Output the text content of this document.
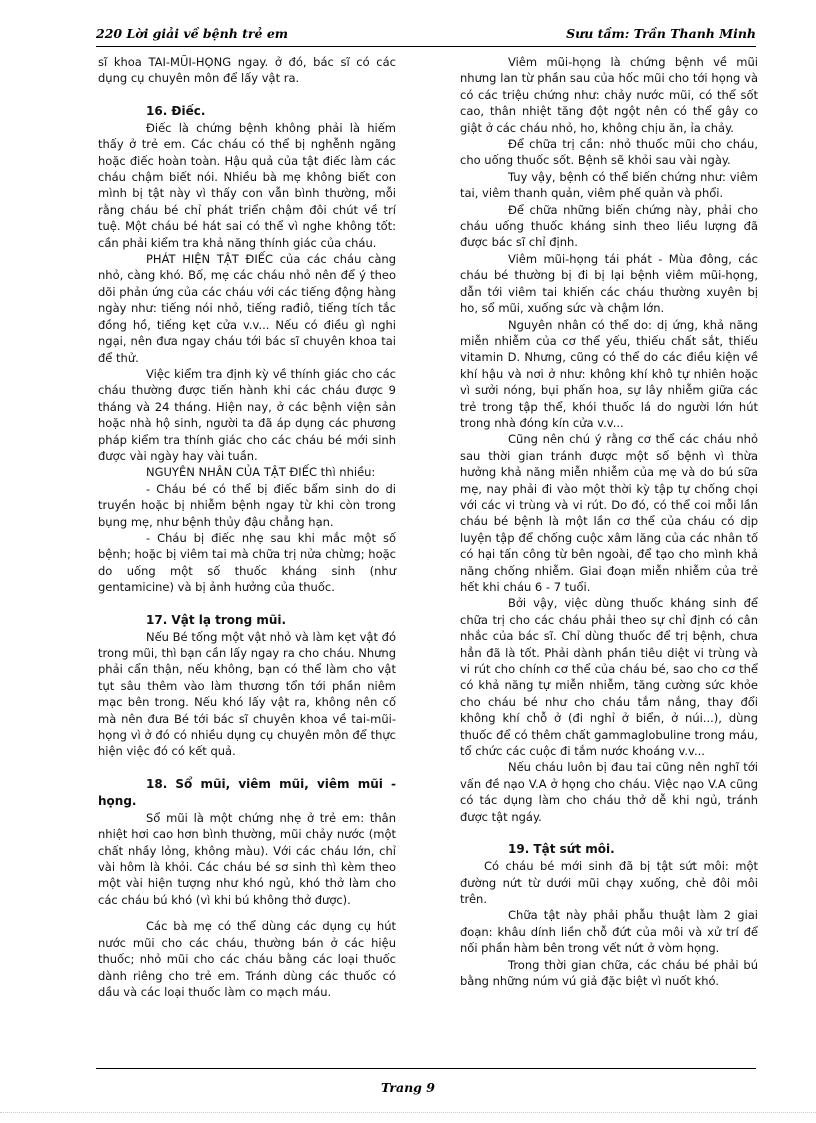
220 Lời giải về bệnh trẻ em	Sưu tầm: Trần Thanh Minh

sĩ khoa TAI-MŨI-HỌNG ngay. ở đó, bác sĩ có các dụng cụ chuyên môn để lấy vật ra.

16. Điếc.

Điếc là chứng bệnh không phải là hiếm thấy ở trẻ em. Các cháu có thể bị nghễnh ngãng hoặc điếc hoàn toàn. Hậu quả của tật điếc làm các cháu chậm biết nói. Nhiều bà mẹ không biết con mình bị tật này vì thấy con vẫn bình thường, mỗi rằng cháu bé chỉ phát triển chậm đôi chút về trí tuệ. Một cháu bé hát sai có thể vì nghe không tốt: cần phải kiểm tra khả năng thính giác của cháu.

PHÁT HIỆN TẬT ĐIẾC của các cháu càng nhỏ, càng khó. Bố, mẹ các cháu nhỏ nên để ý theo dõi phản ứng của các cháu với các tiếng động hàng ngày như: tiếng nói nhỏ, tiếng rađiô, tiếng tích tắc đồng hồ, tiếng kẹt cửa v.v... Nếu có điều gì nghi ngại, nên đưa ngay cháu tới bác sĩ chuyên khoa tai để thử.

Việc kiểm tra định kỳ về thính giác cho các cháu thường được tiến hành khi các cháu được 9 tháng và 24 tháng. Hiện nay, ở các bệnh viện sản hoặc nhà hộ sinh, người ta đã áp dụng các phương pháp kiểm tra thính giác cho các cháu bé mới sinh được vài ngày hay vài tuần.

NGUYÊN NHÂN CỦA TẬT ĐIẾC thì nhiều:

- Cháu bé có thể bị điếc bẩm sinh do di truyền hoặc bị nhiễm bệnh ngay từ khi còn trong bụng mẹ, như bệnh thủy đậu chẳng hạn.

- Cháu bị điếc nhẹ sau khi mắc một số bệnh; hoặc bị viêm tai mà chữa trị nửa chừng; hoặc do uống một số thuốc kháng sinh (như gentamicine) và bị ảnh hưởng của thuốc.

17. Vật lạ trong mũi.

Nếu Bé tống một vật nhỏ và làm kẹt vật đó trong mũi, thì bạn cần lấy ngay ra cho cháu. Nhưng phải cẩn thận, nếu không, bạn có thể làm cho vật tụt sâu thêm vào làm thương tổn tới phần niêm mạc bên trong. Nếu khó lấy vật ra, không nên cố mà nên đưa Bé tới bác sĩ chuyên khoa về tai-mũi-họng vì ở đó có nhiều dụng cụ chuyên môn để thực hiện việc đó có kết quả.

18. Sổ mũi, viêm mũi, viêm mũi - họng.

Sổ mũi là một chứng nhẹ ở trẻ em: thân nhiệt hơi cao hơn bình thường, mũi chảy nước (một chất nhầy lỏng, không màu). Với các cháu lớn, chỉ vài hôm là khỏi. Các cháu bé sơ sinh thì kèm theo một vài hiện tượng như khó ngủ, khó thở làm cho các cháu bú khó (vì khi bú không thở được).

Các bà mẹ có thể dùng các dụng cụ hút nước mũi cho các cháu, thường bán ở các hiệu thuốc; nhỏ mũi cho các cháu bằng các loại thuốc dành riêng cho trẻ em. Tránh dùng các thuốc có dầu và các loại thuốc làm co mạch máu.

Viêm mũi-họng là chứng bệnh về mũi nhưng lan từ phần sau của hốc mũi cho tới họng và có các triệu chứng như: chảy nước mũi, có thể sốt cao, thân nhiệt tăng đột ngột nên có thể gây co giật ở các cháu nhỏ, ho, không chịu ăn, ỉa chảy.

Để chữa trị cần: nhỏ thuốc mũi cho cháu, cho uống thuốc sốt. Bệnh sẽ khỏi sau vài ngày.

Tuy vậy, bệnh có thể biến chứng như: viêm tai, viêm thanh quản, viêm phế quản và phổi.

Để chữa những biến chứng này, phải cho cháu uống thuốc kháng sinh theo liều lượng đã được bác sĩ chỉ định.

Viêm mũi-họng tái phát - Mùa đông, các cháu bé thường bị đi bị lại bệnh viêm mũi-họng, dẫn tới viêm tai khiến các cháu thường xuyên bị ho, sổ mũi, xuống sức và chậm lớn.

Nguyên nhân có thể do: dị ứng, khả năng miễn nhiễm của cơ thể yếu, thiếu chất sắt, thiếu vitamin D. Nhưng, cũng có thể do các điều kiện về khí hậu và nơi ở như: không khí khô tự nhiên hoặc vì sưởi nóng, bụi phấn hoa, sự lây nhiễm giữa các trẻ trong tập thể, khói thuốc lá do người lớn hút trong nhà đóng kín cửa v.v...

Cũng nên chú ý rằng cơ thể các cháu nhỏ sau thời gian tránh được một số bệnh vì thừa hưởng khả năng miễn nhiễm của mẹ và do bú sữa mẹ, nay phải đi vào một thời kỳ tập tự chống chọi với các vi trùng và vi rút. Do đó, có thể coi mỗi lần cháu bé bệnh là một lần cơ thể của cháu có dịp luyện tập để chống cuộc xâm lăng của các nhân tố có hại tấn công từ bên ngoài, để tạo cho mình khả năng chống nhiễm. Giai đoạn miễn nhiễm của trẻ hết khi cháu 6 - 7 tuổi.

Bởi vậy, việc dùng thuốc kháng sinh để chữa trị cho các cháu phải theo sự chỉ định có cân nhắc của bác sĩ. Chỉ dùng thuốc để trị bệnh, chưa hẳn đã là tốt. Phải dành phần tiêu diệt vi trùng và vi rút cho chính cơ thể của cháu bé, sao cho cơ thể có khả năng tự miễn nhiễm, tăng cường sức khỏe cho cháu bé như cho cháu tắm nắng, thay đổi không khí chỗ ở (đi nghỉ ở biển, ở núi...), dùng thuốc để có thêm chất gammaglobuline trong máu, tổ chức các cuộc đi tắm nước khoáng v.v...

Nếu cháu luôn bị đau tai cũng nên nghĩ tới vấn đề nạo V.A ở họng cho cháu. Việc nạo V.A cũng có tác dụng làm cho cháu thở dễ khi ngủ, tránh được tật ngáy.

19. Tật sứt môi.

Có cháu bé mới sinh đã bị tật sứt môi: một đường nứt từ dưới mũi chạy xuống, chẻ đôi môi trên.

Chữa tật này phải phẫu thuật làm 2 giai đoạn: khâu dính liền chỗ đứt của môi và xử trí để nối phần hàm bên trong vết nứt ở vòm họng.

Trong thời gian chữa, các cháu bé phải bú bằng những núm vú giả đặc biệt vì nuốt khó.

Trang 9
